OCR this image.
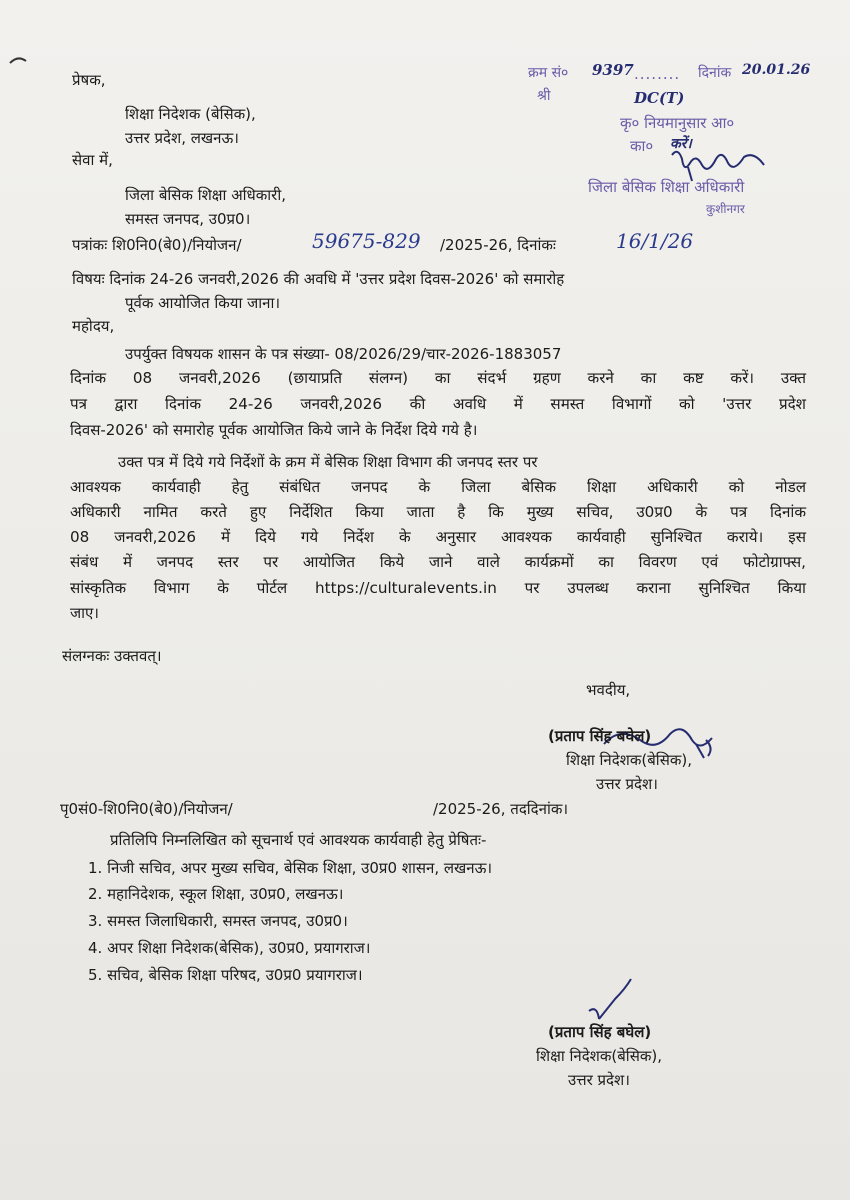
प्रेषक,
शिक्षा निदेशक (बेसिक),
उत्तर प्रदेश, लखनऊ।
सेवा में,
जिला बेसिक शिक्षा अधिकारी,
समस्त जनपद, उ0प्र0।
क्रम सं० 9397 ........ दिनांक 20.01.26
श्री	DC(T)
कृ० नियमानुसार आ०
का० करें।
जिला बेसिक शिक्षा अधिकारी
कुशीनगर
पत्रांकः शि0नि0(बे0)/नियोजन/	59675-829 /2025-26, दिनांकः	16/1/26
विषयः दिनांक 24-26 जनवरी,2026 की अवधि में 'उत्तर प्रदेश दिवस-2026' को समारोह
पूर्वक आयोजित किया जाना।
महोदय,
उपर्युक्त विषयक शासन के पत्र संख्या- 08/2026/29/चार-2026-1883057
दिनांक 08 जनवरी,2026 (छायाप्रति संलग्न) का संदर्भ ग्रहण करने का कष्ट करें। उक्त
पत्र द्वारा दिनांक 24-26 जनवरी,2026 की अवधि में समस्त विभागों को 'उत्तर प्रदेश
दिवस-2026' को समारोह पूर्वक आयोजित किये जाने के निर्देश दिये गये है।
उक्त पत्र में दिये गये निर्देशों के क्रम में बेसिक शिक्षा विभाग की जनपद स्तर पर
आवश्यक कार्यवाही हेतु संबंधित जनपद के जिला बेसिक शिक्षा अधिकारी को नोडल
अधिकारी नामित करते हुए निर्देशित किया जाता है कि मुख्य सचिव, उ0प्र0 के पत्र दिनांक
08 जनवरी,2026 में दिये गये निर्देश के अनुसार आवश्यक कार्यवाही सुनिश्चित कराये। इस
संबंध में जनपद स्तर पर आयोजित किये जाने वाले कार्यक्रमों का विवरण एवं फोटोग्राफ्स,
सांस्कृतिक विभाग के पोर्टल https://culturalevents.in पर उपलब्ध कराना सुनिश्चित किया
जाए।
संलग्नकः उक्तवत्।
भवदीय,
(प्रताप सिंह बघेल)
शिक्षा निदेशक(बेसिक),
उत्तर प्रदेश।
पृ0सं0-शि0नि0(बे0)/नियोजन/	/2025-26, तददिनांक।
प्रतिलिपि निम्नलिखित को सूचनार्थ एवं आवश्यक कार्यवाही हेतु प्रेषितः-
1. निजी सचिव, अपर मुख्य सचिव, बेसिक शिक्षा, उ0प्र0 शासन, लखनऊ।
2. महानिदेशक, स्कूल शिक्षा, उ0प्र0, लखनऊ।
3. समस्त जिलाधिकारी, समस्त जनपद, उ0प्र0।
4. अपर शिक्षा निदेशक(बेसिक), उ0प्र0, प्रयागराज।
5. सचिव, बेसिक शिक्षा परिषद, उ0प्र0 प्रयागराज।
(प्रताप सिंह बघेल)
शिक्षा निदेशक(बेसिक),
उत्तर प्रदेश।
